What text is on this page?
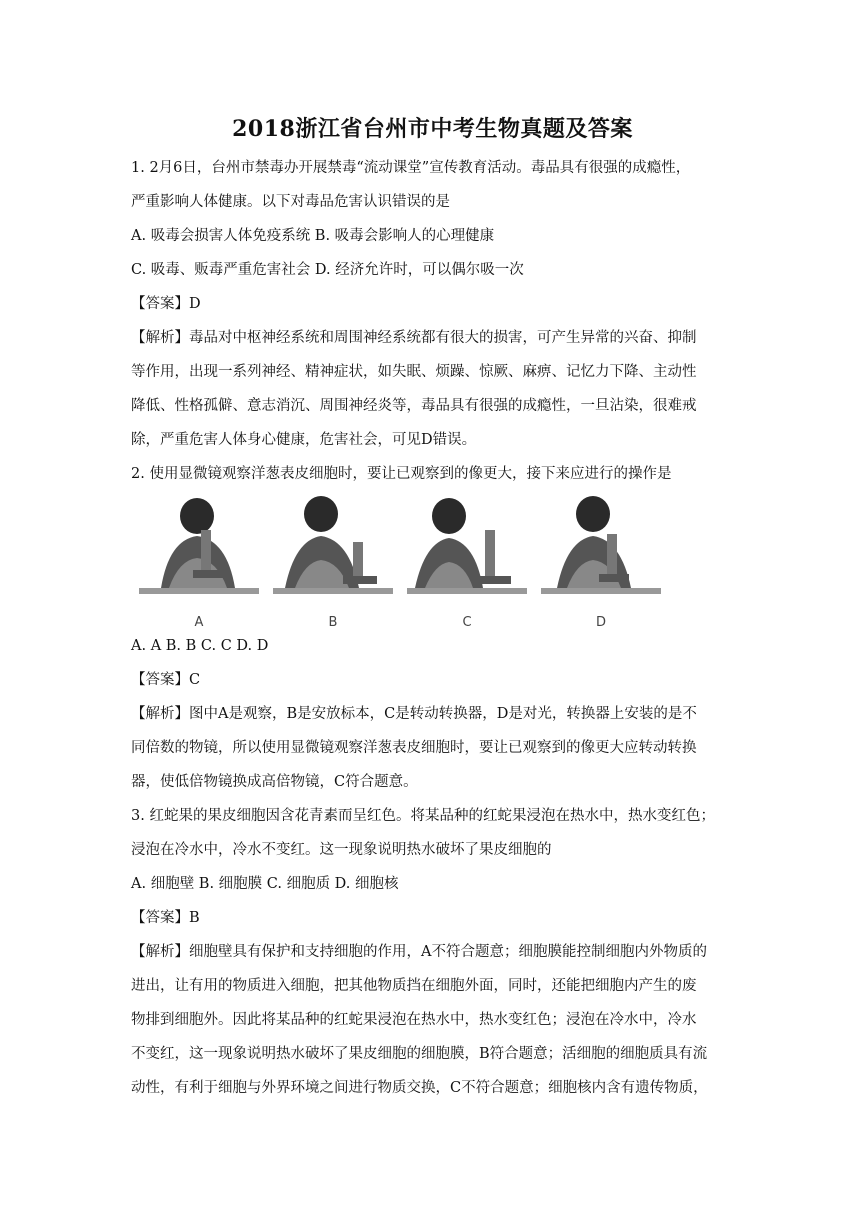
2018浙江省台州市中考生物真题及答案
1. 2月6日，台州市禁毒办开展禁毒“流动课堂”宣传教育活动。毒品具有很强的成瘾性，
严重影响人体健康。以下对毒品危害认识错误的是
A. 吸毒会损害人体免疫系统 B. 吸毒会影响人的心理健康
C. 吸毒、贩毒严重危害社会 D. 经济允许时，可以偶尔吸一次
【答案】D
【解析】毒品对中枢神经系统和周围神经系统都有很大的损害，可产生异常的兴奋、抑制
等作用，出现一系列神经、精神症状，如失眠、烦躁、惊厥、麻痹、记忆力下降、主动性
降低、性格孤僻、意志消沉、周围神经炎等，毒品具有很强的成瘾性，一旦沾染，很难戒
除，严重危害人体身心健康，危害社会，可见D错误。
2. 使用显微镜观察洋葱表皮细胞时，要让已观察到的像更大，接下来应进行的操作是
A	B	C	D
A. A B. B C. C D. D
【答案】C
【解析】图中A是观察，B是安放标本，C是转动转换器，D是对光，转换器上安装的是不
同倍数的物镜，所以使用显微镜观察洋葱表皮细胞时，要让已观察到的像更大应转动转换
器，使低倍物镜换成高倍物镜，C符合题意。
3. 红蛇果的果皮细胞因含花青素而呈红色。将某品种的红蛇果浸泡在热水中，热水变红色；
浸泡在冷水中，冷水不变红。这一现象说明热水破坏了果皮细胞的
A. 细胞壁 B. 细胞膜 C. 细胞质 D. 细胞核
【答案】B
【解析】细胞壁具有保护和支持细胞的作用，A不符合题意；细胞膜能控制细胞内外物质的
进出，让有用的物质进入细胞，把其他物质挡在细胞外面，同时，还能把细胞内产生的废
物排到细胞外。因此将某品种的红蛇果浸泡在热水中，热水变红色；浸泡在冷水中，冷水
不变红，这一现象说明热水破坏了果皮细胞的细胞膜，B符合题意；活细胞的细胞质具有流
动性，有利于细胞与外界环境之间进行物质交换，C不符合题意；细胞核内含有遗传物质，
